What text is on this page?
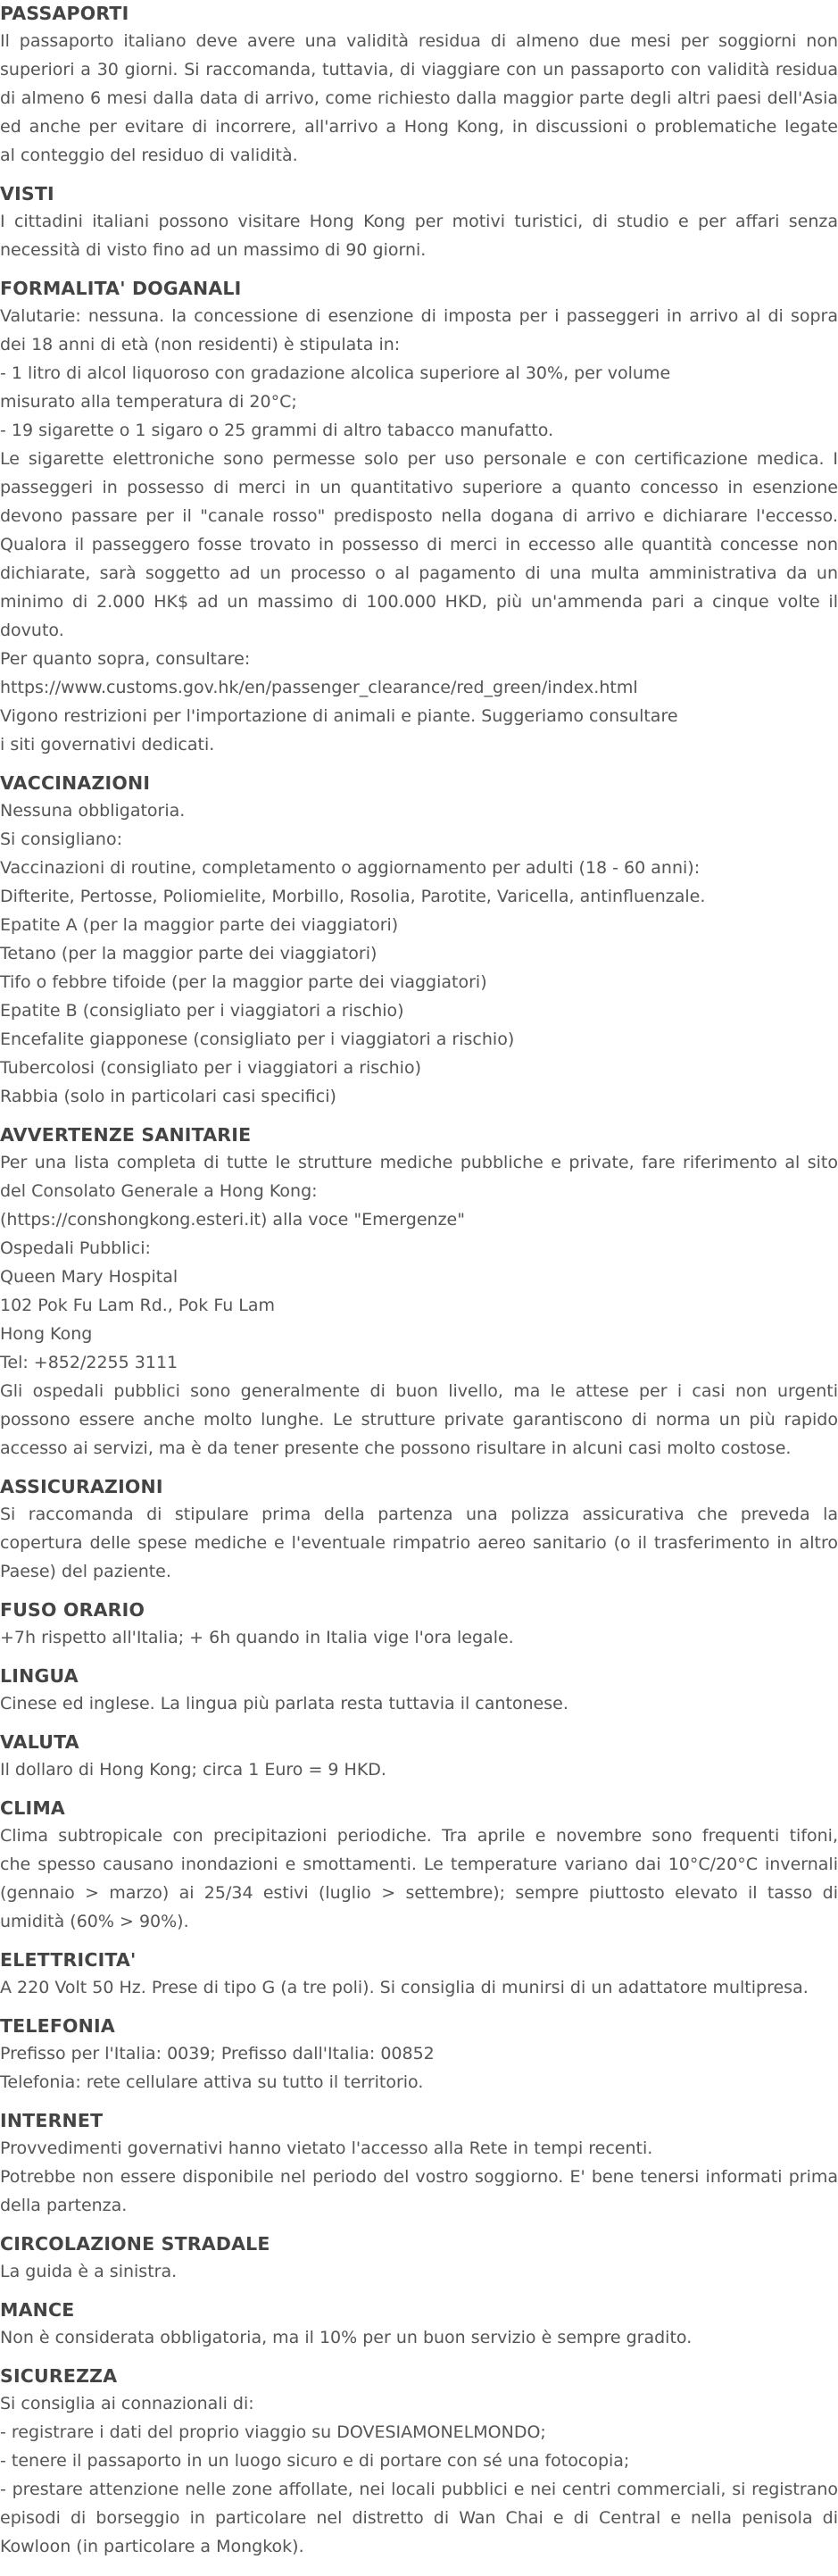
PASSAPORTI
Il passaporto italiano deve avere una validità residua di almeno due mesi per soggiorni non
superiori a 30 giorni. Si raccomanda, tuttavia, di viaggiare con un passaporto con validità residua
di almeno 6 mesi dalla data di arrivo, come richiesto dalla maggior parte degli altri paesi dell'Asia
ed anche per evitare di incorrere, all'arrivo a Hong Kong, in discussioni o problematiche legate
al conteggio del residuo di validità.
VISTI
I cittadini italiani possono visitare Hong Kong per motivi turistici, di studio e per affari senza
necessità di visto fino ad un massimo di 90 giorni.
FORMALITA' DOGANALI
Valutarie: nessuna. la concessione di esenzione di imposta per i passeggeri in arrivo al di sopra
dei 18 anni di età (non residenti) è stipulata in:
- 1 litro di alcol liquoroso con gradazione alcolica superiore al 30%, per volume
misurato alla temperatura di 20°C;
- 19 sigarette o 1 sigaro o 25 grammi di altro tabacco manufatto.
Le sigarette elettroniche sono permesse solo per uso personale e con certificazione medica. I
passeggeri in possesso di merci in un quantitativo superiore a quanto concesso in esenzione
devono passare per il "canale rosso" predisposto nella dogana di arrivo e dichiarare l'eccesso.
Qualora il passeggero fosse trovato in possesso di merci in eccesso alle quantità concesse non
dichiarate, sarà soggetto ad un processo o al pagamento di una multa amministrativa da un
minimo di 2.000 HK$ ad un massimo di 100.000 HKD, più un'ammenda pari a cinque volte il
dovuto.
Per quanto sopra, consultare:
https://www.customs.gov.hk/en/passenger_clearance/red_green/index.html
Vigono restrizioni per l'importazione di animali e piante. Suggeriamo consultare
i siti governativi dedicati.
VACCINAZIONI
Nessuna obbligatoria.
Si consigliano:
Vaccinazioni di routine, completamento o aggiornamento per adulti (18 - 60 anni):
Difterite, Pertosse, Poliomielite, Morbillo, Rosolia, Parotite, Varicella, antinfluenzale.
Epatite A (per la maggior parte dei viaggiatori)
Tetano (per la maggior parte dei viaggiatori)
Tifo o febbre tifoide (per la maggior parte dei viaggiatori)
Epatite B (consigliato per i viaggiatori a rischio)
Encefalite giapponese (consigliato per i viaggiatori a rischio)
Tubercolosi (consigliato per i viaggiatori a rischio)
Rabbia (solo in particolari casi specifici)
AVVERTENZE SANITARIE
Per una lista completa di tutte le strutture mediche pubbliche e private, fare riferimento al sito
del Consolato Generale a Hong Kong:
(https://conshongkong.esteri.it) alla voce "Emergenze"
Ospedali Pubblici:
Queen Mary Hospital
102 Pok Fu Lam Rd., Pok Fu Lam
Hong Kong
Tel: +852/2255 3111
Gli ospedali pubblici sono generalmente di buon livello, ma le attese per i casi non urgenti
possono essere anche molto lunghe. Le strutture private garantiscono di norma un più rapido
accesso ai servizi, ma è da tener presente che possono risultare in alcuni casi molto costose.
ASSICURAZIONI
Si raccomanda di stipulare prima della partenza una polizza assicurativa che preveda la
copertura delle spese mediche e l'eventuale rimpatrio aereo sanitario (o il trasferimento in altro
Paese) del paziente.
FUSO ORARIO
+7h rispetto all'Italia; + 6h quando in Italia vige l'ora legale.
LINGUA
Cinese ed inglese. La lingua più parlata resta tuttavia il cantonese.
VALUTA
Il dollaro di Hong Kong; circa 1 Euro = 9 HKD.
CLIMA
Clima subtropicale con precipitazioni periodiche. Tra aprile e novembre sono frequenti tifoni,
che spesso causano inondazioni e smottamenti. Le temperature variano dai 10°C/20°C invernali
(gennaio > marzo) ai 25/34 estivi (luglio > settembre); sempre piuttosto elevato il tasso di
umidità (60% > 90%).
ELETTRICITA'
A 220 Volt 50 Hz. Prese di tipo G (a tre poli). Si consiglia di munirsi di un adattatore multipresa.
TELEFONIA
Prefisso per l'Italia: 0039; Prefisso dall'Italia: 00852
Telefonia: rete cellulare attiva su tutto il territorio.
INTERNET
Provvedimenti governativi hanno vietato l'accesso alla Rete in tempi recenti.
Potrebbe non essere disponibile nel periodo del vostro soggiorno. E' bene tenersi informati prima
della partenza.
CIRCOLAZIONE STRADALE
La guida è a sinistra.
MANCE
Non è considerata obbligatoria, ma il 10% per un buon servizio è sempre gradito.
SICUREZZA
Si consiglia ai connazionali di:
- registrare i dati del proprio viaggio su DOVESIAMONELMONDO;
- tenere il passaporto in un luogo sicuro e di portare con sé una fotocopia;
- prestare attenzione nelle zone affollate, nei locali pubblici e nei centri commerciali, si registrano
episodi di borseggio in particolare nel distretto di Wan Chai e di Central e nella penisola di
Kowloon (in particolare a Mongkok).
